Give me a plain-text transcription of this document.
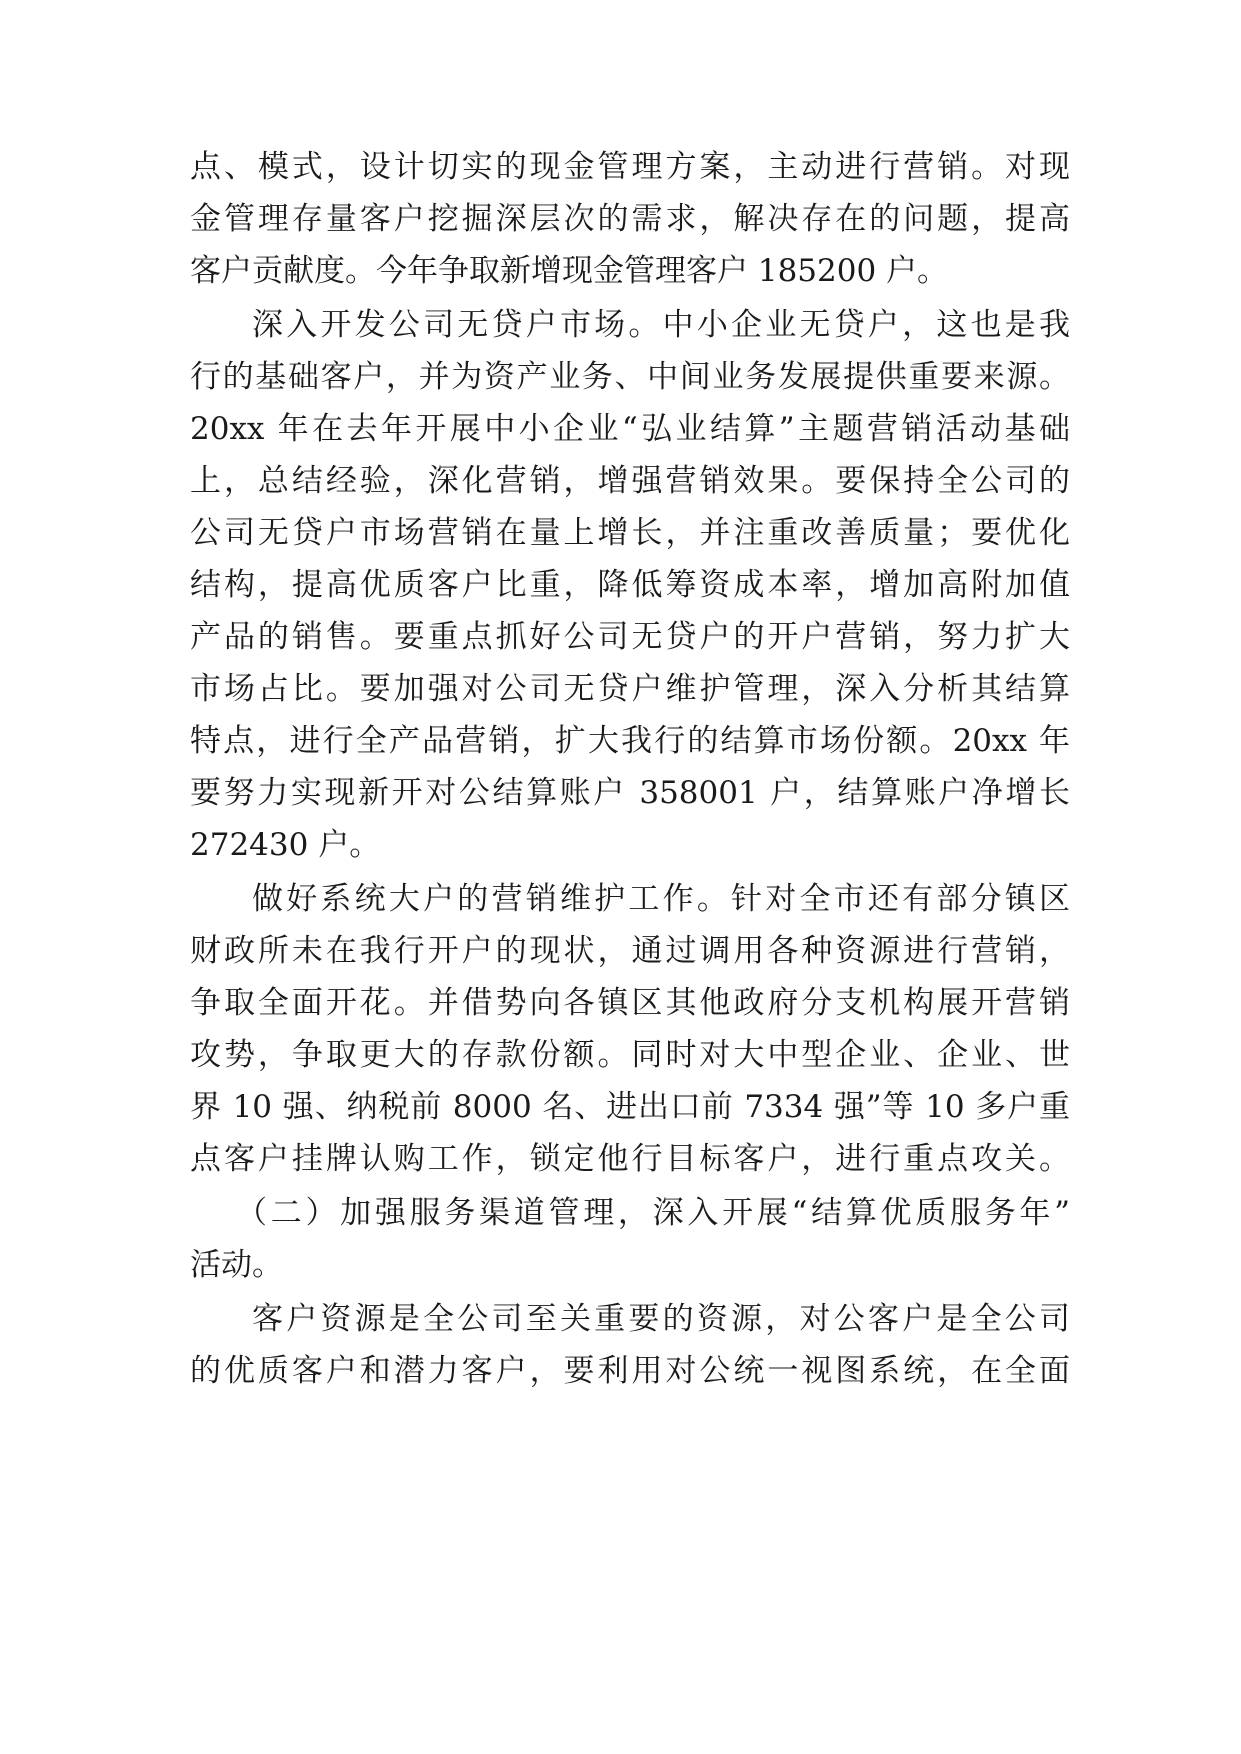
点、模式，设计切实的现金管理方案，主动进行营销。对现
金管理存量客户挖掘深层次的需求，解决存在的问题，提高
客户贡献度。今年争取新增现金管理客户 185200 户。
深入开发公司无贷户市场。中小企业无贷户，这也是我
行的基础客户，并为资产业务、中间业务发展提供重要来源。
20xx 年在去年开展中小企业“弘业结算”主题营销活动基础
上，总结经验，深化营销，增强营销效果。要保持全公司的
公司无贷户市场营销在量上增长，并注重改善质量；要优化
结构，提高优质客户比重，降低筹资成本率，增加高附加值
产品的销售。要重点抓好公司无贷户的开户营销，努力扩大
市场占比。要加强对公司无贷户维护管理，深入分析其结算
特点，进行全产品营销，扩大我行的结算市场份额。20xx 年
要努力实现新开对公结算账户 358001 户，结算账户净增长
272430 户。
做好系统大户的营销维护工作。针对全市还有部分镇区
财政所未在我行开户的现状，通过调用各种资源进行营销，
争取全面开花。并借势向各镇区其他政府分支机构展开营销
攻势，争取更大的存款份额。同时对大中型企业、企业、世
界 10 强、纳税前 8000 名、进出口前 7334 强”等 10 多户重
点客户挂牌认购工作，锁定他行目标客户，进行重点攻关。
（二）加强服务渠道管理，深入开展“结算优质服务年”
活动。
客户资源是全公司至关重要的资源，对公客户是全公司
的优质客户和潜力客户，要利用对公统一视图系统，在全面
